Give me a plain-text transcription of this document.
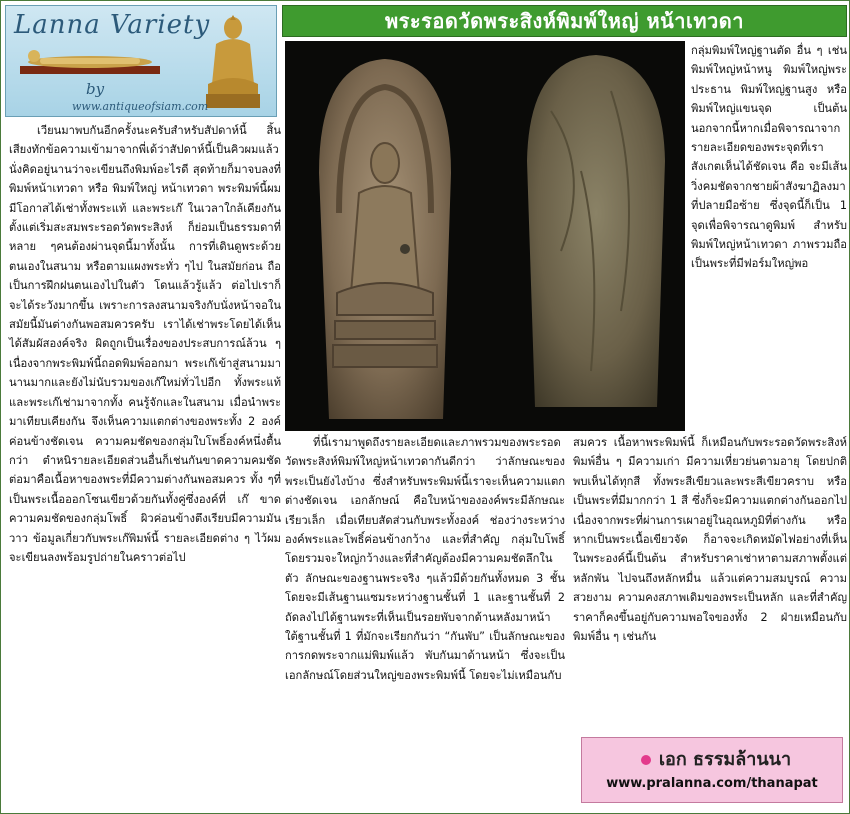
Lanna Variety
by
www.antiqueofsiam.com
พระรอดวัดพระสิงห์พิมพ์ใหญ่ หน้าเทวดา

เวียนมาพบกันอีกครั้งนะครับสำหรับสัปดาห์นี้ สิ้นเสียงทักข้อความเข้ามาจากพี่เด้ว่าสัปดาห์นี้เป็นคิวผมแล้ว นั่งคิดอยู่นานว่าจะเขียนถึงพิมพ์อะไรดี สุดท้ายก็มาจบลงที่ พิมพ์หน้าเทวดา หรือ พิมพ์ใหญ่ หน้าเทวดา พระพิมพ์นี้ผมมีโอกาสได้เช่าทั้งพระแท้ และพระเก๊ ในเวลาใกล้เคียงกัน ตั้งแต่เริ่มสะสมพระรอดวัดพระสิงห์ ก็ย่อมเป็นธรรมดาที่หลาย ๆคนต้องผ่านจุดนี้มาทั้งนั้น การที่เดินดูพระด้วยตนเองในสนาม หรือตามแผงพระทั่ว ๆไป ในสมัยก่อน ถือเป็นการฝึกฝนตนเองไปในตัว โดนแล้วรู้แล้ว ต่อไปเราก็จะได้ระวังมากขึ้น เพราะการลงสนามจริงกับนั่งหน้าจอในสมัยนี้มันต่างกันพอสมควรครับ เราได้เช่าพระโดยได้เห็นได้สัมผัสองค์จริง ผิดถูกเป็นเรื่องของประสบการณ์ล้วน ๆ เนื่องจากพระพิมพ์นี้ถอดพิมพ์ออกมา พระเก๊เข้าสู่สนามมานานมากและยังไม่นับรวมของเก๊ใหม่ทั่วไปอีก ทั้งพระแท้และพระเก๊เช่ามาจากทั้ง คนรู้จักและในสนาม เมื่อนำพระมาเทียบเคียงกัน จึงเห็นความแตกต่างของพระทั้ง 2 องค์ค่อนข้างชัดเจน ความคมชัดของกลุ่มใบโพธิ์องค์หนึ่งตื้นกว่า ตำหนิรายละเอียดส่วนอื่นก็เช่นกันขาดความคมชัด ต่อมาคือเนื้อหาของพระที่มีความต่างกันพอสมควร ทั้ง ๆที่เป็นพระเนื้อออกโซนเขียวด้วยกันทั้งคู่ซึ่งองค์ที่ เก๊ ขาดความคมชัดของกลุ่มโพธิ์ ผิวค่อนข้างตึงเรียบมีความมันวาว ข้อมูลเกี่ยวกับพระเก๊พิมพ์นี้ รายละเอียดต่าง ๆ ไว้ผมจะเขียนลงพร้อมรูปถ่ายในคราวต่อไป

กลุ่มพิมพ์ใหญ่ฐานตัด อื่น ๆ เช่น พิมพ์ใหญ่หน้าหนู พิมพ์ใหญ่พระประธาน พิมพ์ใหญ่ฐานสูง หรือ พิมพ์ใหญ่แขนจุด เป็นต้น นอกจากนี้หากเมื่อพิจารณาจากรายละเอียดของพระจุดที่เราสังเกตเห็นได้ชัดเจน คือ จะมีเส้นวิ่งคมชัดจากชายผ้าสังฆาฏิลงมาที่ปลายมือซ้าย ซึ่งจุดนี้ก็เป็น 1 จุดเพื่อพิจารณาดูพิมพ์ สำหรับพิมพ์ใหญ่หน้าเทวดา ภาพรวมถือเป็นพระที่มีฟอร์มใหญ่พอ

ที่นี้เรามาพูดถึงรายละเอียดและภาพรวมของพระรอดวัดพระสิงห์พิมพ์ใหญ่หน้าเทวดากันดีกว่า ว่าลักษณะของพระเป็นยังไงบ้าง ซึ่งสำหรับพระพิมพ์นี้เราจะเห็นความแตกต่างชัดเจน เอกลักษณ์ คือใบหน้าขององค์พระมีลักษณะเรียวเล็ก เมื่อเทียบสัดส่วนกับพระทั้งองค์ ช่องว่างระหว่างองค์พระและโพธิ์ค่อนข้างกว้าง และที่สำคัญ กลุ่มใบโพธิ์โดยรวมจะใหญ่กว้างและที่สำคัญต้องมีความคมชัดลึกในตัว ลักษณะของฐานพระจริง ๆแล้วมีด้วยกันทั้งหมด 3 ชั้น โดยจะมีเส้นฐานแซมระหว่างฐานชั้นที่ 1 และฐานชั้นที่ 2 ถัดลงไปได้ฐานพระที่เห็นเป็นรอยพับจากด้านหลังมาหน้า ใต้ฐานชั้นที่ 1 ที่มักจะเรียกกันว่า “กันพับ” เป็นลักษณะของการกดพระจากแม่พิมพ์แล้ว พับกันมาด้านหน้า ซึ่งจะเป็นเอกลักษณ์โดยส่วนใหญ่ของพระพิมพ์นี้ โดยจะไม่เหมือนกับ

สมควร เนื้อหาพระพิมพ์นี้ ก็เหมือนกับพระรอดวัดพระสิงห์พิมพ์อื่น ๆ มีความเก่า มีความเหี่ยวย่นตามอายุ โดยปกติพบเห็นได้ทุกสี ทั้งพระสีเขียวและพระสีเขียวคราบ หรือ เป็นพระที่มีมากกว่า 1 สี ซึ่งก็จะมีความแตกต่างกันออกไป เนื่องจากพระที่ผ่านการเผาอยู่ในอุณหภูมิที่ต่างกัน หรือหากเป็นพระเนื้อเขียวจัด ก็อาจจะเกิดหมัดไฟอย่างที่เห็นในพระองค์นี้เป็นต้น สำหรับราคาเช่าหาตามสภาพตั้งแต่หลักพัน ไปจนถึงหลักหมื่น แล้วแต่ความสมบูรณ์ ความสวยงาม ความคงสภาพเดิมของพระเป็นหลัก และที่สำคัญราคาก็คงขึ้นอยู่กับความพอใจของทั้ง 2 ฝ่ายเหมือนกับพิมพ์อื่น ๆ เช่นกัน
เอก ธรรมล้านนา
www.pralanna.com/thanapat
